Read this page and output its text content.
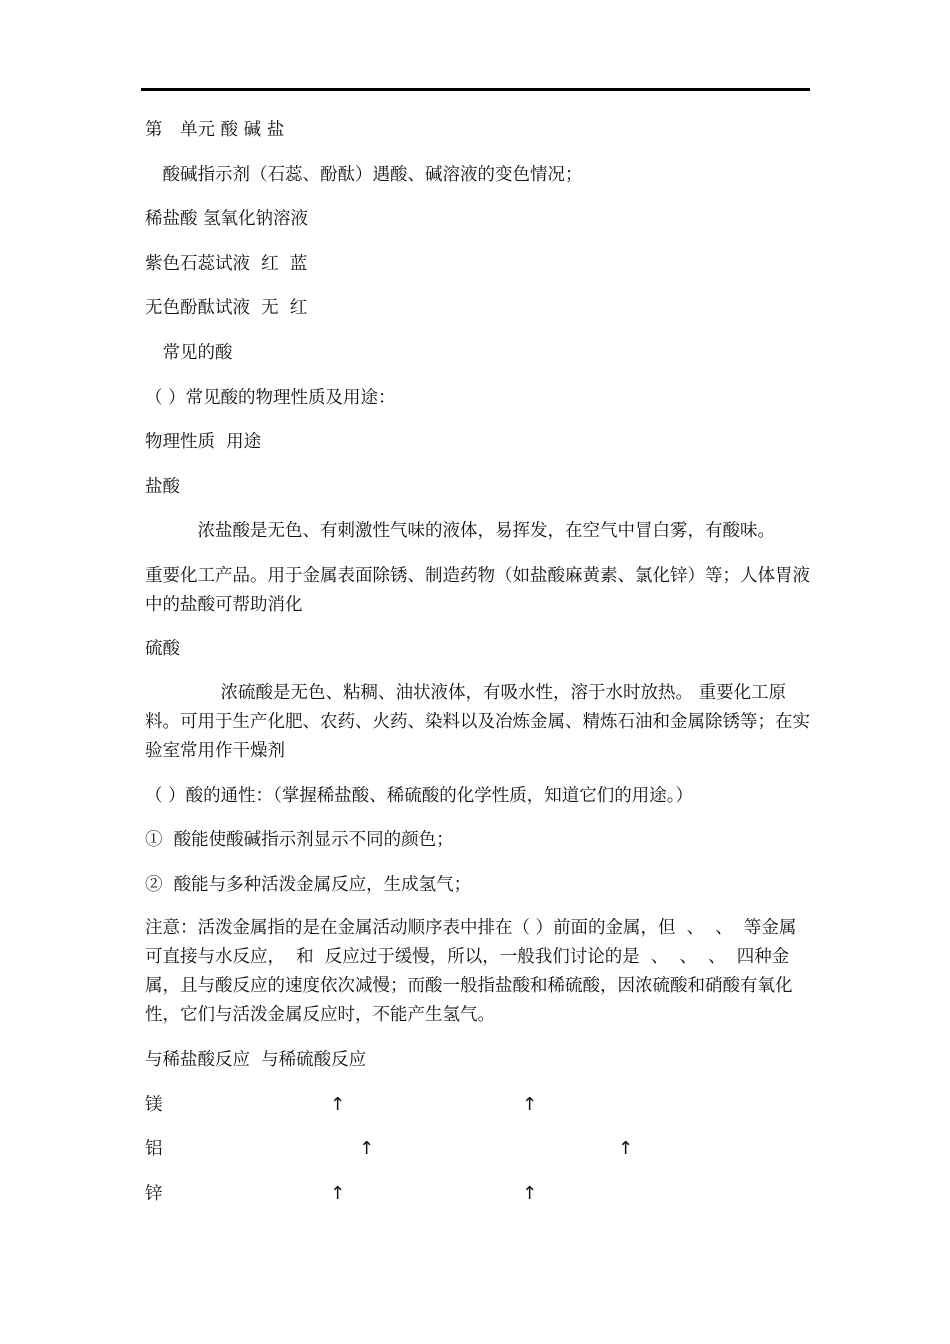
第　单元 酸 碱 盐
　酸碱指示剂（石蕊、酚酞）遇酸、碱溶液的变色情况；
稀盐酸 氢氧化钠溶液
紫色石蕊试液  红  蓝
无色酚酞试液  无  红
　常见的酸
（ ）常见酸的物理性质及用途：
物理性质  用途
盐酸
　　　浓盐酸是无色、有刺激性气味的液体，易挥发，在空气中冒白雾，有酸味。
重要化工产品。用于金属表面除锈、制造药物（如盐酸麻黄素、氯化锌）等；人体胃液中的盐酸可帮助消化
硫酸
　　　　 浓硫酸是无色、粘稠、油状液体，有吸水性，溶于水时放热。 重要化工原料。可用于生产化肥、农药、火药、染料以及冶炼金属、精炼石油和金属除锈等；在实验室常用作干燥剂
（ ）酸的通性：（掌握稀盐酸、稀硫酸的化学性质，知道它们的用途。）
①  酸能使酸碱指示剂显示不同的颜色；
②  酸能与多种活泼金属反应，生成氢气；
注意：活泼金属指的是在金属活动顺序表中排在（ ）前面的金属，但  、  、  等金属可直接与水反应，  和  反应过于缓慢，所以，一般我们讨论的是  、  、  、  四种金属，且与酸反应的速度依次减慢；而酸一般指盐酸和稀硫酸，因浓硫酸和硝酸有氧化性，它们与活泼金属反应时，不能产生氢气。
与稀盐酸反应  与稀硫酸反应
镁	↑	↑
铝	↑	↑
锌	↑	↑
